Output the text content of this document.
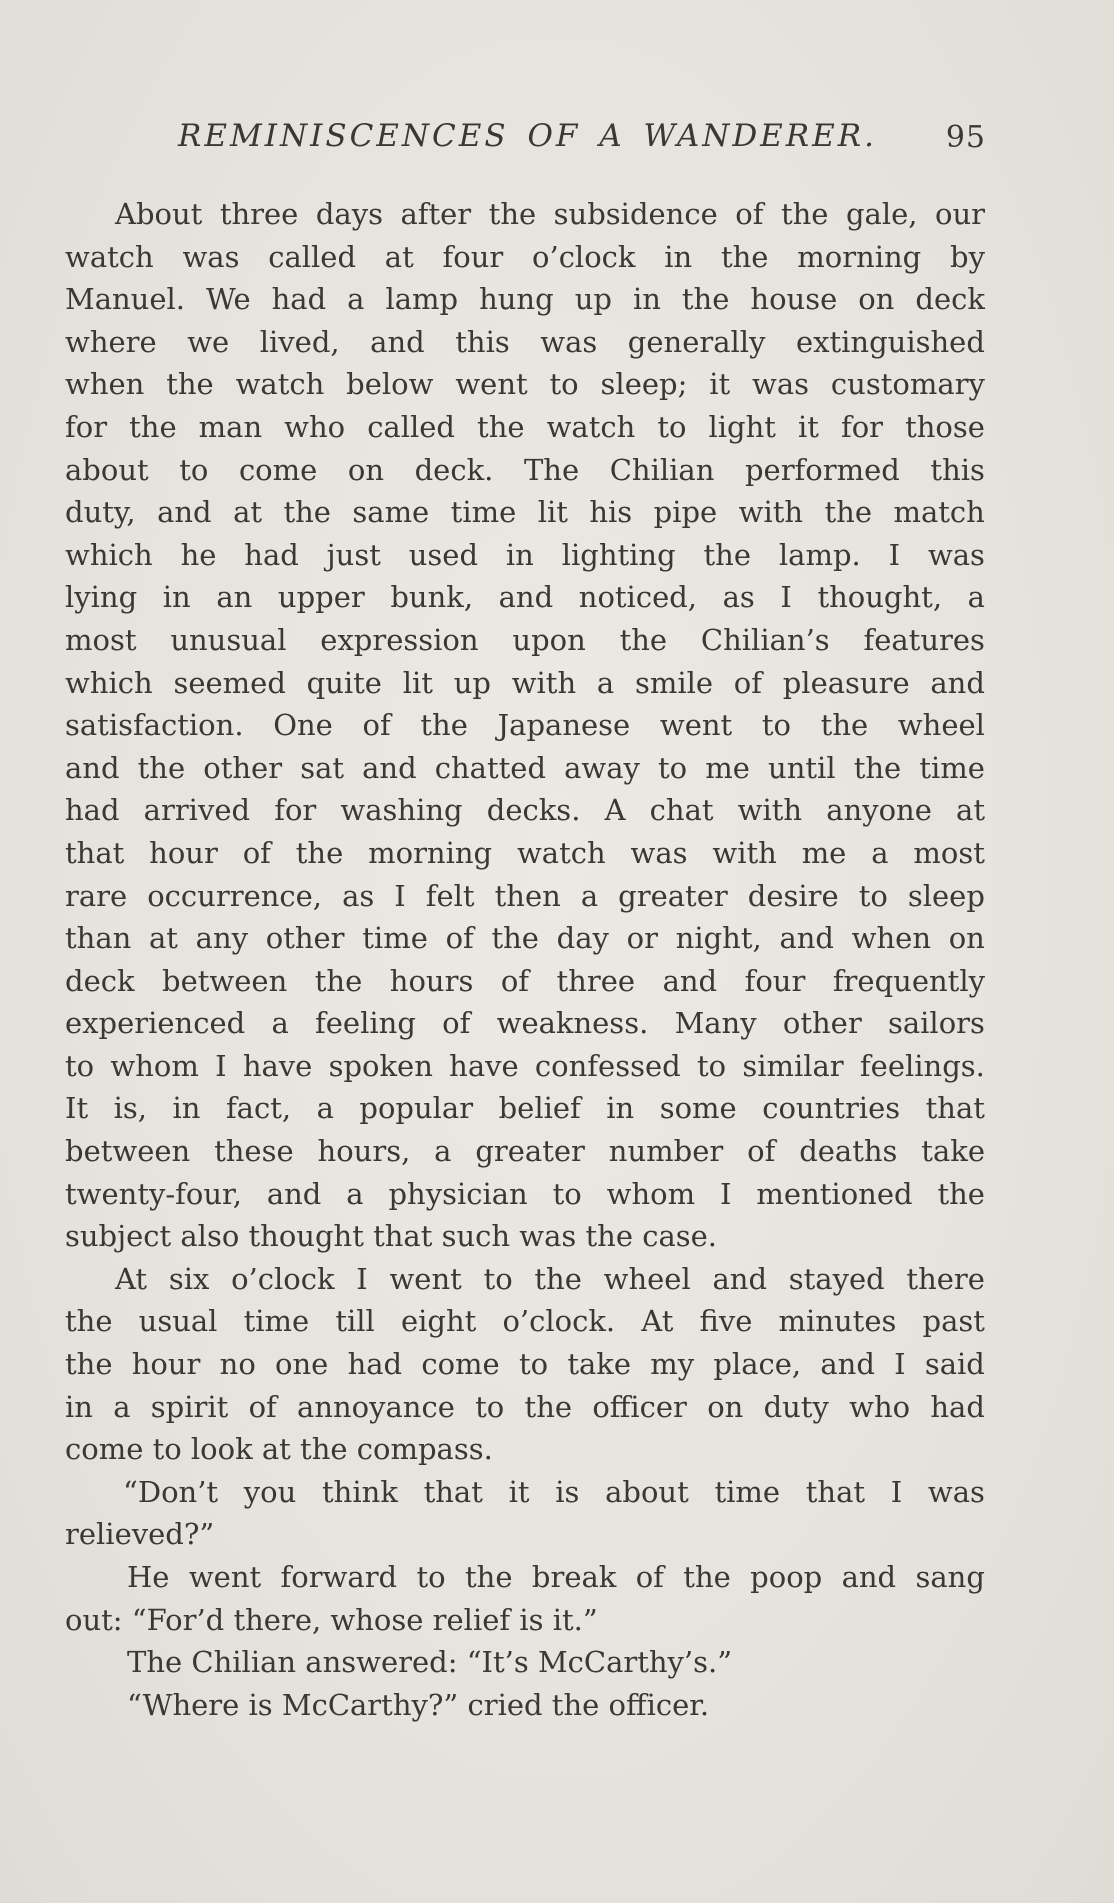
REMINISCENCES OF A WANDERER. 95
About three days after the subsidence of the gale, our
watch was called at four o’clock in the morning by
Manuel. We had a lamp hung up in the house on deck
where we lived, and this was generally extinguished
when the watch below went to sleep; it was customary
for the man who called the watch to light it for those
about to come on deck. The Chilian performed this
duty, and at the same time lit his pipe with the match
which he had just used in lighting the lamp. I was
lying in an upper bunk, and noticed, as I thought, a
most unusual expression upon the Chilian’s features
which seemed quite lit up with a smile of pleasure and
satisfaction. One of the Japanese went to the wheel
and the other sat and chatted away to me until the time
had arrived for washing decks. A chat with anyone at
that hour of the morning watch was with me a most
rare occurrence, as I felt then a greater desire to sleep
than at any other time of the day or night, and when on
deck between the hours of three and four frequently
experienced a feeling of weakness. Many other sailors
to whom I have spoken have confessed to similar feelings.
It is, in fact, a popular belief in some countries that
between these hours, a greater number of deaths take
twenty-four, and a physician to whom I mentioned the
subject also thought that such was the case.
At six o’clock I went to the wheel and stayed there
the usual time till eight o’clock. At five minutes past
the hour no one had come to take my place, and I said
in a spirit of annoyance to the officer on duty who had
come to look at the compass.
“Don’t you think that it is about time that I was
relieved?”
He went forward to the break of the poop and sang
out: “For’d there, whose relief is it.”
The Chilian answered: “It’s McCarthy’s.”
“Where is McCarthy?” cried the officer.
